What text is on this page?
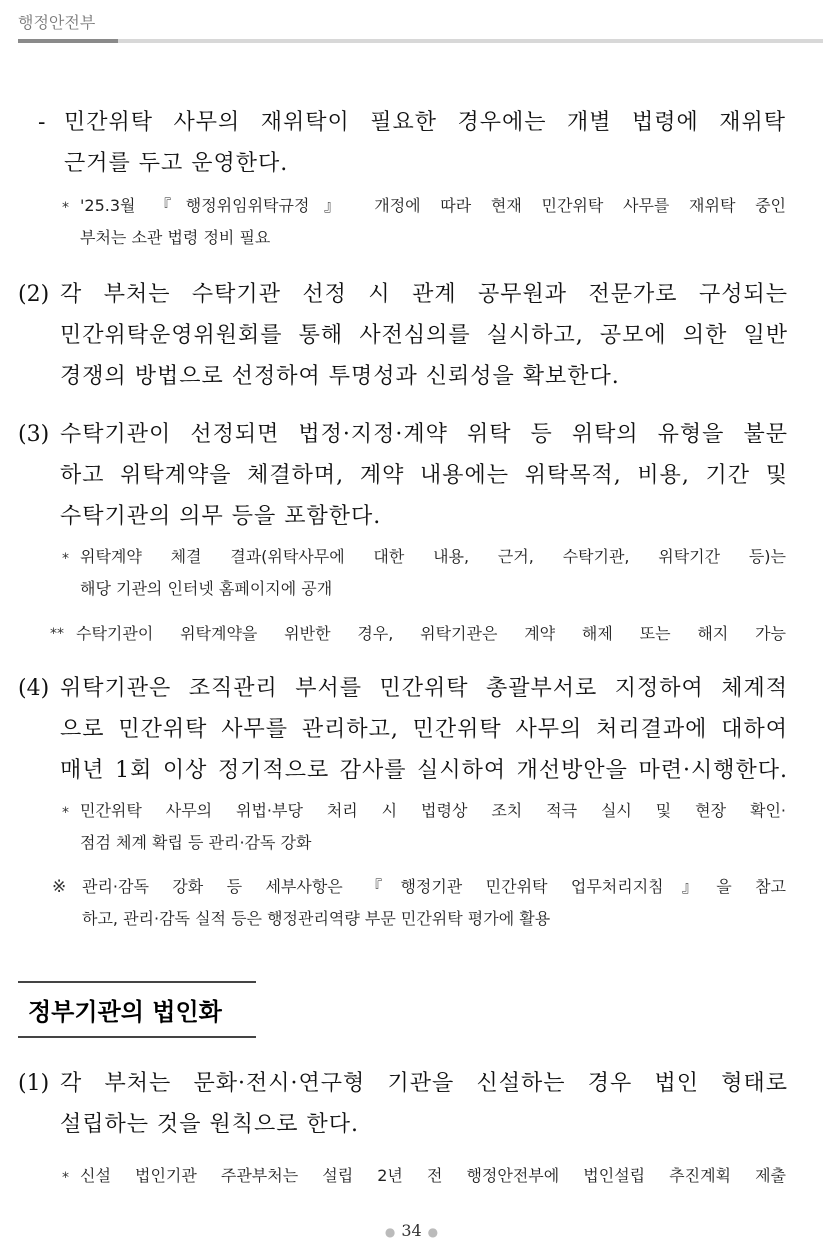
행정안전부
- 민간위탁 사무의 재위탁이 필요한 경우에는 개별 법령에 재위탁
근거를 두고 운영한다.

* '25.3월 『행정위임위탁규정』 개정에 따라 현재 민간위탁 사무를 재위탁 중인
부처는 소관 법령 정비 필요

(2) 각 부처는 수탁기관 선정 시 관계 공무원과 전문가로 구성되는
민간위탁운영위원회를 통해 사전심의를 실시하고, 공모에 의한 일반
경쟁의 방법으로 선정하여 투명성과 신뢰성을 확보한다.

(3) 수탁기관이 선정되면 법정·지정·계약 위탁 등 위탁의 유형을 불문
하고 위탁계약을 체결하며, 계약 내용에는 위탁목적, 비용, 기간 및
수탁기관의 의무 등을 포함한다.

* 위탁계약 체결 결과(위탁사무에 대한 내용, 근거, 수탁기관, 위탁기간 등)는
해당 기관의 인터넷 홈페이지에 공개

** 수탁기관이 위탁계약을 위반한 경우, 위탁기관은 계약 해제 또는 해지 가능

(4) 위탁기관은 조직관리 부서를 민간위탁 총괄부서로 지정하여 체계적
으로 민간위탁 사무를 관리하고, 민간위탁 사무의 처리결과에 대하여
매년 1회 이상 정기적으로 감사를 실시하여 개선방안을 마련·시행한다.

* 민간위탁 사무의 위법·부당 처리 시 법령상 조치 적극 실시 및 현장 확인·
점검 체계 확립 등 관리·감독 강화

※ 관리·감독 강화 등 세부사항은 『행정기관 민간위탁 업무처리지침』을 참고
하고, 관리·감독 실적 등은 행정관리역량 부문 민간위탁 평가에 활용

정부기관의 법인화
(1) 각 부처는 문화·전시·연구형 기관을 신설하는 경우 법인 형태로
설립하는 것을 원칙으로 한다.

* 신설 법인기관 주관부처는 설립 2년 전 행정안전부에 법인설립 추진계획 제출

● 34 ●
